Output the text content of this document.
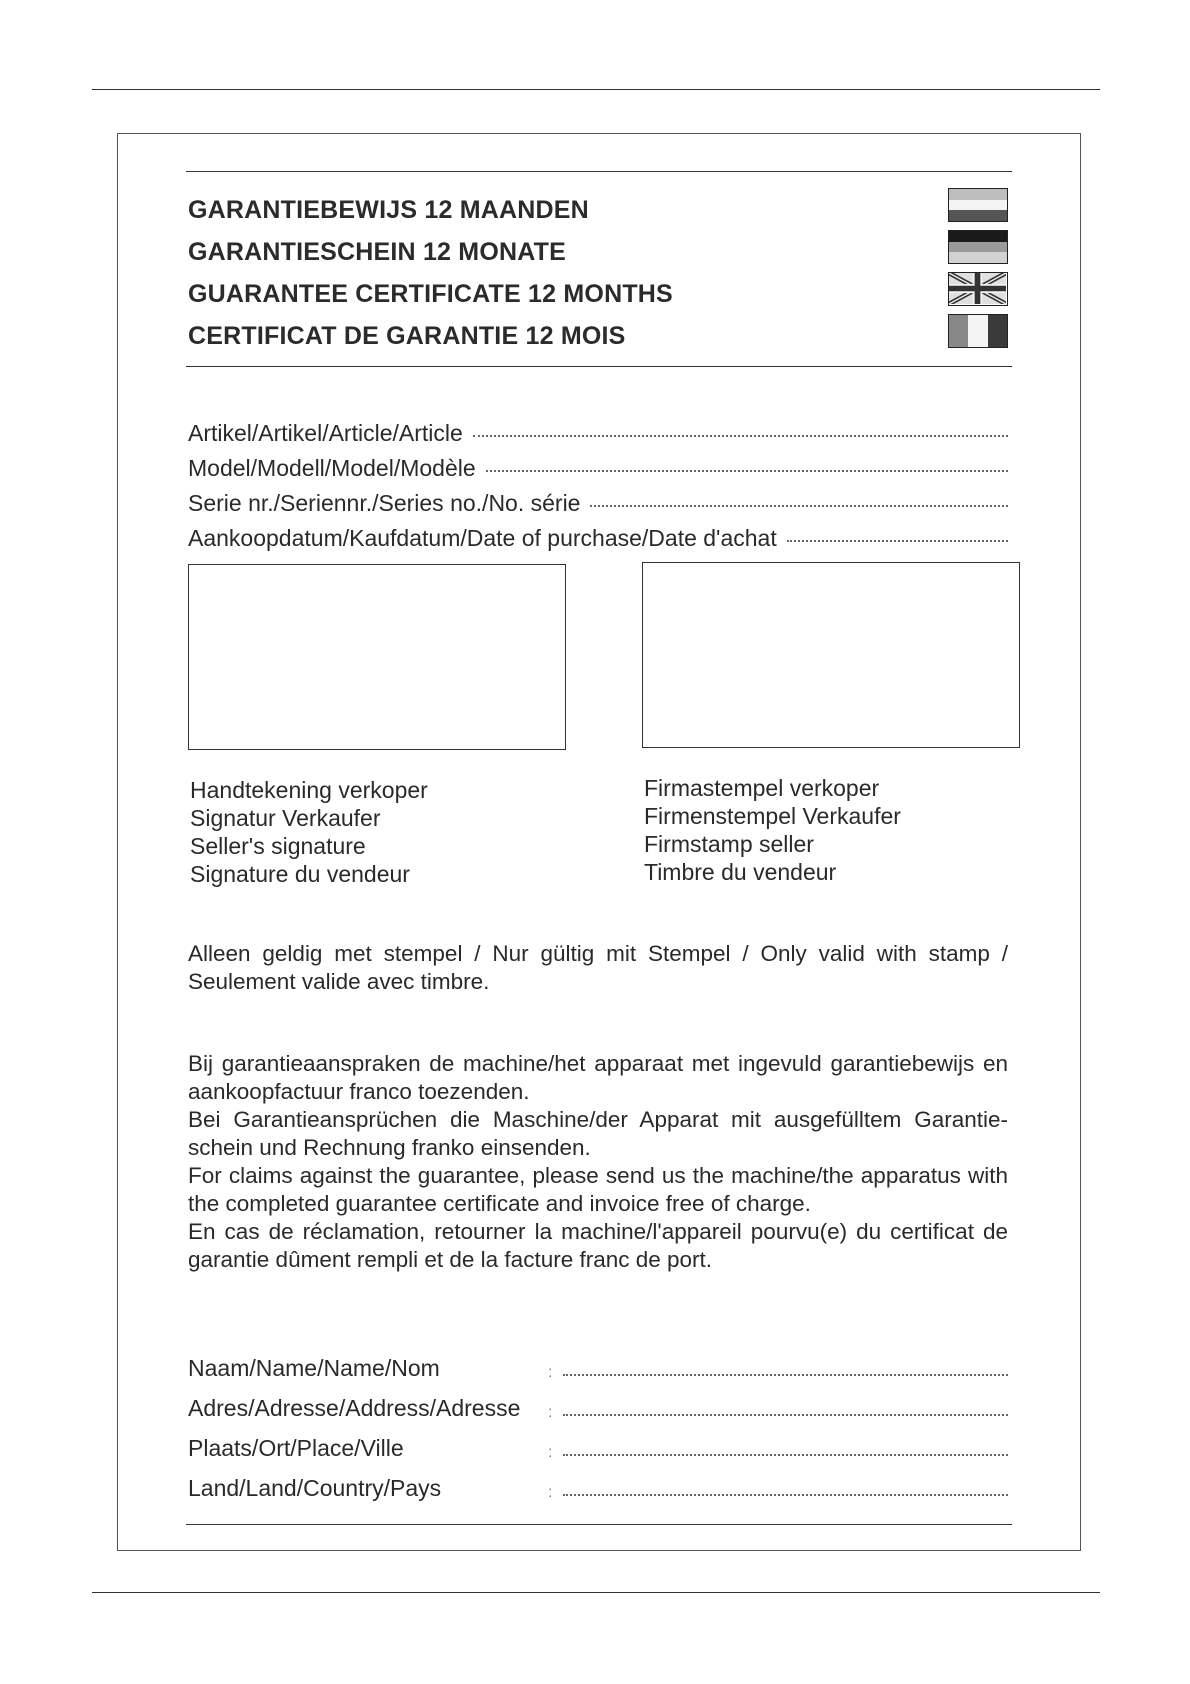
GARANTIEBEWIJS 12 MAANDEN
GARANTIESCHEIN 12 MONATE
GUARANTEE CERTIFICATE 12 MONTHS
CERTIFICAT DE GARANTIE 12 MOIS
Artikel/Artikel/Article/Article
Model/Modell/Model/Modèle
Serie nr./Seriennr./Series no./No. série
Aankoopdatum/Kaufdatum/Date of purchase/Date d'achat
Handtekening verkoper
Signatur Verkaufer
Seller's signature
Signature du vendeur
Firmastempel verkoper
Firmenstempel Verkaufer
Firmstamp seller
Timbre du vendeur

Alleen geldig met stempel / Nur gültig mit Stempel / Only valid with stamp / Seulement valide avec timbre.

Bij garantieaanspraken de machine/het apparaat met ingevuld garantiebewijs en aankoopfactuur franco toezenden.

Bei Garantieansprüchen die Maschine/der Apparat mit ausgefülltem Garantie-schein und Rechnung franko einsenden.

For claims against the guarantee, please send us the machine/the apparatus with the completed guarantee certificate and invoice free of charge.

En cas de réclamation, retourner la machine/l'appareil pourvu(e) du certificat de garantie dûment rempli et de la facture franc de port.

Naam/Name/Name/Nom	:
Adres/Adresse/Address/Adresse :
Plaats/Ort/Place/Ville	:
Land/Land/Country/Pays	:
